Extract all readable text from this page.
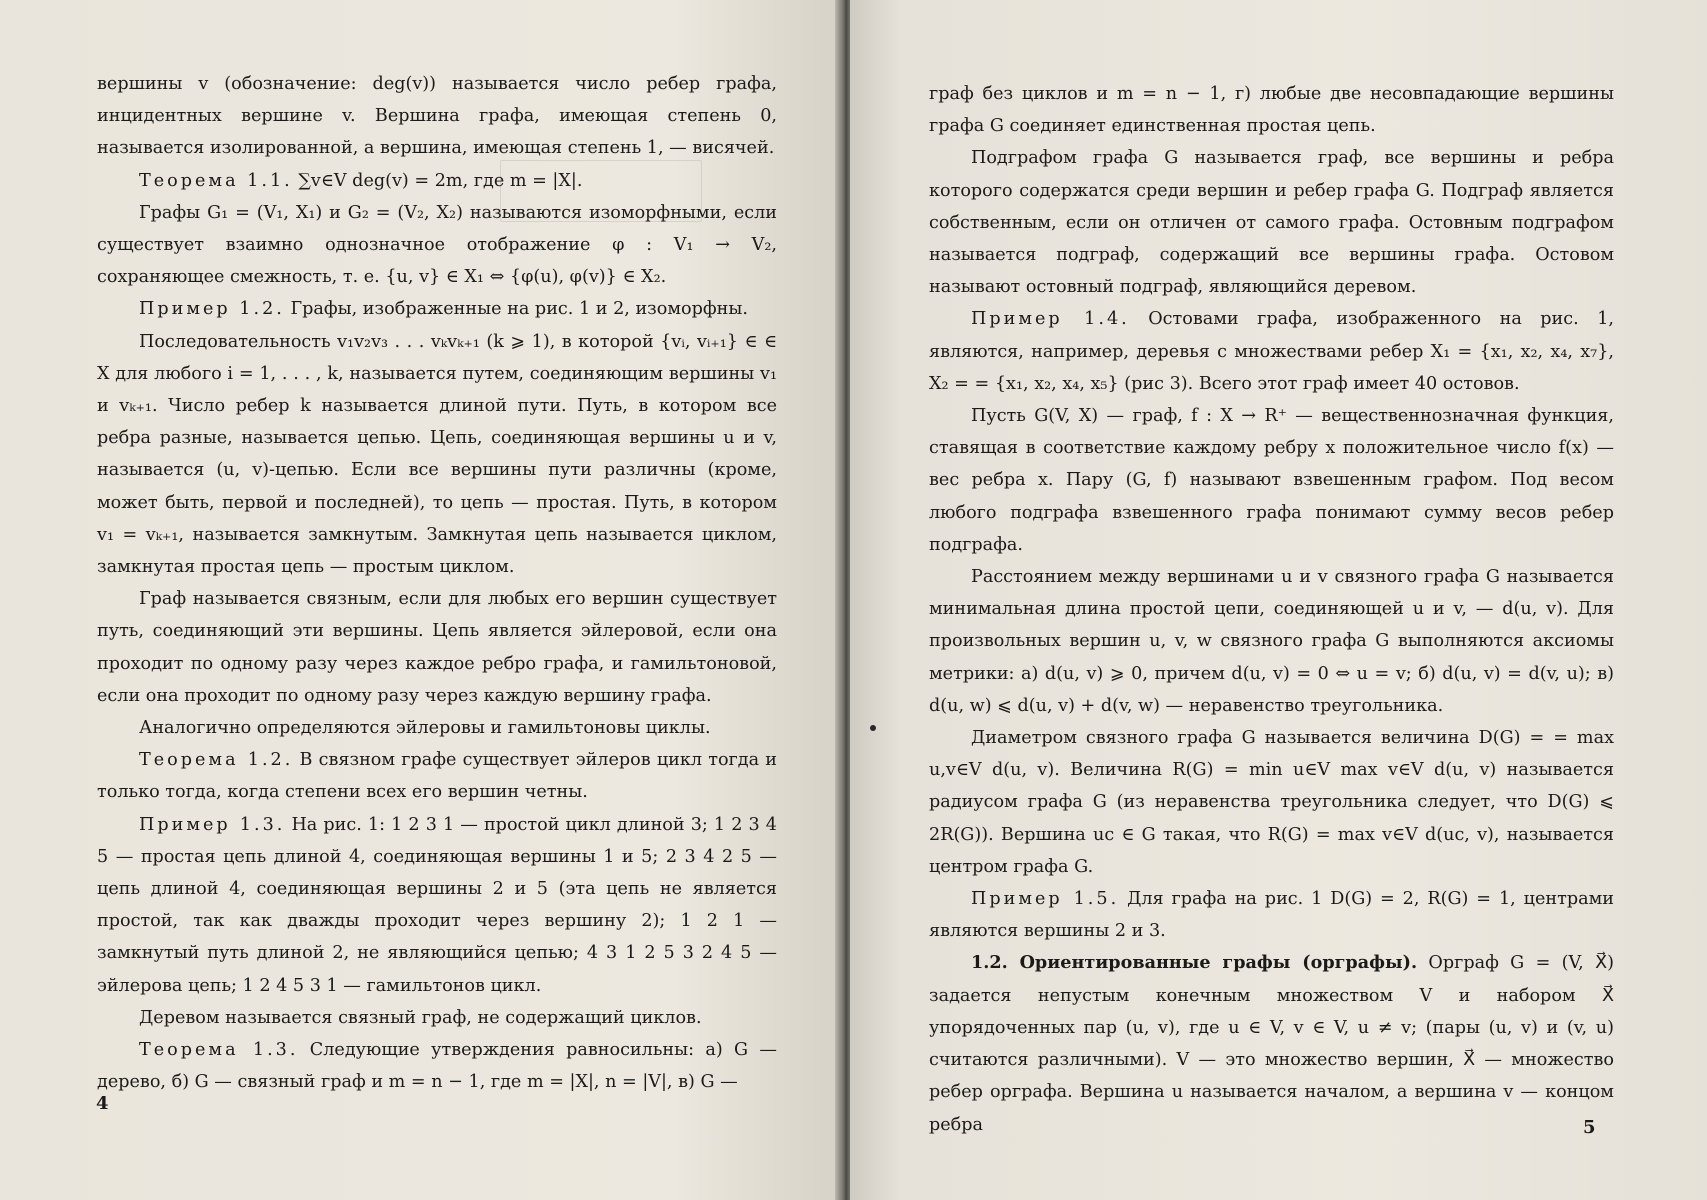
вершины v (обозначение: deg(v)) называется число ребер графа, инцидентных вершине v. Вершина графа, имеющая степень 0, называется изолированной, а вершина, имеющая степень 1, — висячей.

Теорема 1.1. ∑v∈V deg(v) = 2m, где m = |X|.

Графы G₁ = (V₁, X₁) и G₂ = (V₂, X₂) называются изоморфными, если существует взаимно однозначное отображение φ : V₁ → V₂, сохраняющее смежность, т. е. {u, v} ∈ X₁ ⇔ {φ(u), φ(v)} ∈ X₂.

Пример 1.2. Графы, изображенные на рис. 1 и 2, изоморфны.

Последовательность v₁v₂v₃ . . . vₖvₖ₊₁ (k ⩾ 1), в которой {vᵢ, vᵢ₊₁} ∈ ∈ X для любого i = 1, . . . , k, называется путем, соединяющим вершины v₁ и vₖ₊₁. Число ребер k называется длиной пути. Путь, в котором все ребра разные, называется цепью. Цепь, соединяющая вершины u и v, называется (u, v)-цепью. Если все вершины пути различны (кроме, может быть, первой и последней), то цепь — простая. Путь, в котором v₁ = vₖ₊₁, называется замкнутым. Замкнутая цепь называется циклом, замкнутая простая цепь — простым циклом.

Граф называется связным, если для любых его вершин существует путь, соединяющий эти вершины. Цепь является эйлеровой, если она проходит по одному разу через каждое ребро графа, и гамильтоновой, если она проходит по одному разу через каждую вершину графа.

Аналогично определяются эйлеровы и гамильтоновы циклы.

Теорема 1.2. В связном графе существует эйлеров цикл тогда и только тогда, когда степени всех его вершин четны.

Пример 1.3. На рис. 1: 1 2 3 1 — простой цикл длиной 3; 1 2 3 4 5 — простая цепь длиной 4, соединяющая вершины 1 и 5; 2 3 4 2 5 — цепь длиной 4, соединяющая вершины 2 и 5 (эта цепь не является простой, так как дважды проходит через вершину 2); 1 2 1 — замкнутый путь длиной 2, не являющийся цепью; 4 3 1 2 5 3 2 4 5 — эйлерова цепь; 1 2 4 5 3 1 — гамильтонов цикл.

Деревом называется связный граф, не содержащий циклов.

Теорема 1.3. Следующие утверждения равносильны: а) G — дерево, б) G — связный граф и m = n − 1, где m = |X|, n = |V|, в) G —

4

граф без циклов и m = n − 1, г) любые две несовпадающие вершины графа G соединяет единственная простая цепь.

Подграфом графа G называется граф, все вершины и ребра которого содержатся среди вершин и ребер графа G. Подграф является собственным, если он отличен от самого графа. Остовным подграфом называется подграф, содержащий все вершины графа. Остовом называют остовный подграф, являющийся деревом.

Пример 1.4. Остовами графа, изображенного на рис. 1, являются, например, деревья с множествами ребер X₁ = {x₁, x₂, x₄, x₇}, X₂ = = {x₁, x₂, x₄, x₅} (рис 3). Всего этот граф имеет 40 остовов.

Пусть G(V, X) — граф, f : X → R⁺ — вещественнозначная функция, ставящая в соответствие каждому ребру x положительное число f(x) — вес ребра x. Пару (G, f) называют взвешенным графом. Под весом любого подграфа взвешенного графа понимают сумму весов ребер подграфа.

Расстоянием между вершинами u и v связного графа G называется минимальная длина простой цепи, соединяющей u и v, — d(u, v). Для произвольных вершин u, v, w связного графа G выполняются аксиомы метрики: а) d(u, v) ⩾ 0, причем d(u, v) = 0 ⇔ u = v; б) d(u, v) = d(v, u); в) d(u, w) ⩽ d(u, v) + d(v, w) — неравенство треугольника.

Диаметром связного графа G называется величина D(G) = = max u,v∈V d(u, v). Величина R(G) = min u∈V max v∈V d(u, v) называется радиусом графа G (из неравенства треугольника следует, что D(G) ⩽ 2R(G)). Вершина uc ∈ G такая, что R(G) = max v∈V d(uc, v), называется центром графа G.

Пример 1.5. Для графа на рис. 1 D(G) = 2, R(G) = 1, центрами являются вершины 2 и 3.

1.2. Ориентированные графы (орграфы). Орграф G = (V, X⃗) задается непустым конечным множеством V и набором X⃗ упорядоченных пар (u, v), где u ∈ V, v ∈ V, u ≠ v; (пары (u, v) и (v, u) считаются различными). V — это множество вершин, X⃗ — множество ребер орграфа. Вершина u называется началом, а вершина v — концом ребра	5
